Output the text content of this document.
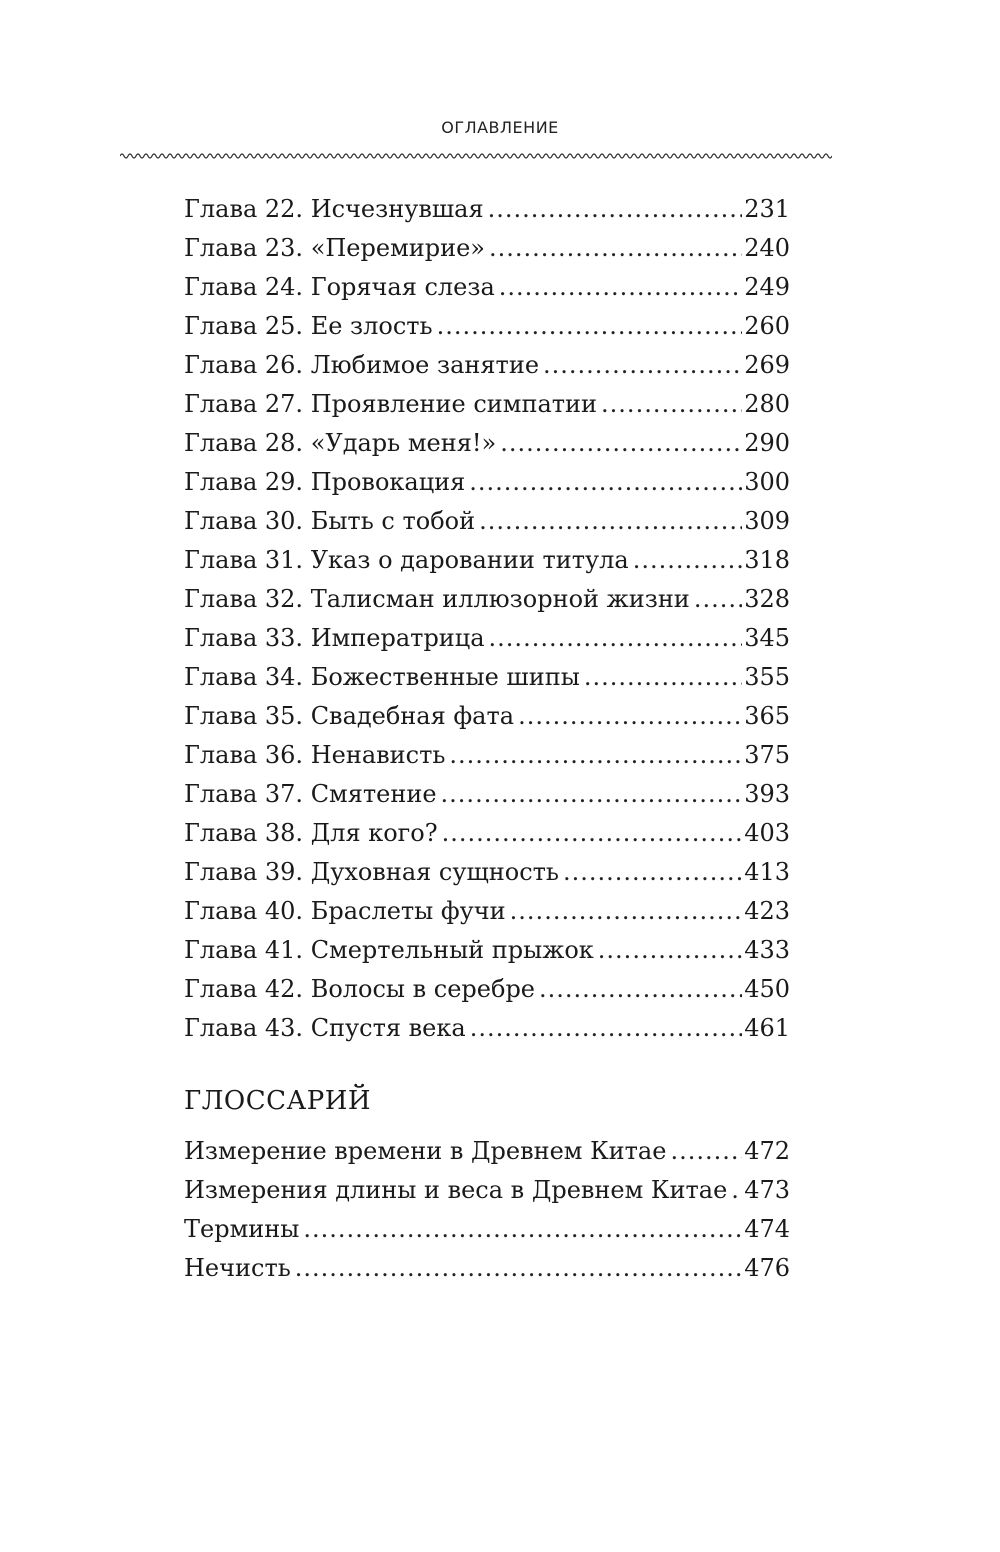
ОГЛАВЛЕНИЕ
Глава 22. Исчезнувшая .....	231
Глава 23. «Перемирие» .....	240
Глава 24. Горячая слеза .....	249
Глава 25. Ее злость .....	260
Глава 26. Любимое занятие .....	269
Глава 27. Проявление симпатии .....	280
Глава 28. «Ударь меня!» .....	290
Глава 29. Провокация .....	300
Глава 30. Быть с тобой .....	309
Глава 31. Указ о даровании титула .....	318
Глава 32. Талисман иллюзорной жизни ..... 328
Глава 33. Императрица .....	345
Глава 34. Божественные шипы .....	355
Глава 35. Свадебная фата .....	365
Глава 36. Ненависть .....	375
Глава 37. Смятение .....	393
Глава 38. Для кого? .....	403
Глава 39. Духовная сущность .....	413
Глава 40. Браслеты фучи .....	423
Глава 41. Смертельный прыжок .....	433
Глава 42. Волосы в серебре .....	450
Глава 43. Спустя века .....	461
ГЛОССАРИЙ
Измерение времени в Древнем Китае .....	472
Измерения длины и веса в Древнем Китае ..... 473
Термины .....	474
Нечисть .....	476
